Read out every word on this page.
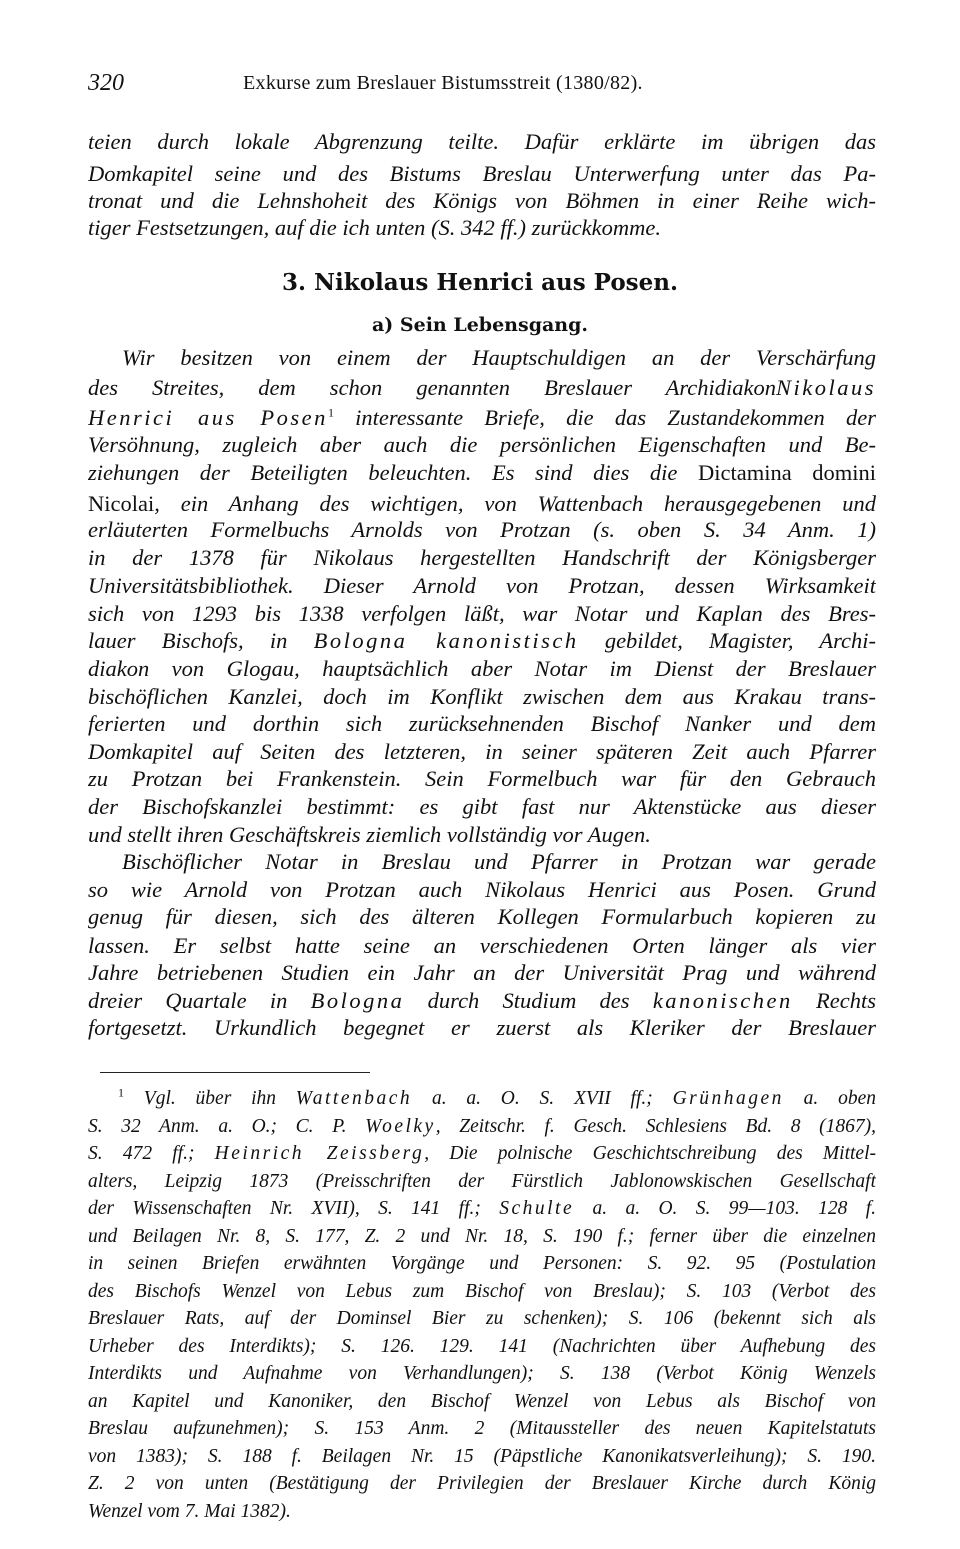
320	Exkurse zum Breslauer Bistumsstreit (1380/82).

teien durch lokale Abgrenzung teilte. Dafür erklärte im übrigen das

Domkapitel seine und des Bistums Breslau Unterwerfung unter das Pa-

tronat und die Lehnshoheit des Königs von Böhmen in einer Reihe wich-

tiger Festsetzungen, auf die ich unten (S. 342 ff.) zurückkomme.

3. Nikolaus Henrici aus Posen.
a) Sein Lebensgang.

Wir besitzen von einem der Hauptschuldigen an der Verschärfung

des Streites, dem schon genannten Breslauer ArchidiakonNikolaus

Henrici aus Posen$^1$ interessante Briefe, die das Zustandekommen der

Versöhnung, zugleich aber auch die persönlichen Eigenschaften und Be-

ziehungen der Beteiligten beleuchten. Es sind dies die Dictamina domini

Nicolai, ein Anhang des wichtigen, von Wattenbach herausgegebenen und

erläuterten Formelbuchs Arnolds von Protzan (s. oben S. 34 Anm. 1)

in der 1378 für Nikolaus hergestellten Handschrift der Königsberger

Universitätsbibliothek. Dieser Arnold von Protzan, dessen Wirksamkeit

sich von 1293 bis 1338 verfolgen läßt, war Notar und Kaplan des Bres-

lauer Bischofs, in Bologna kanonistisch gebildet, Magister, Archi-

diakon von Glogau, hauptsächlich aber Notar im Dienst der Breslauer

bischöflichen Kanzlei, doch im Konflikt zwischen dem aus Krakau trans-

ferierten und dorthin sich zurücksehnenden Bischof Nanker und dem

Domkapitel auf Seiten des letzteren, in seiner späteren Zeit auch Pfarrer

zu Protzan bei Frankenstein. Sein Formelbuch war für den Gebrauch

der Bischofskanzlei bestimmt: es gibt fast nur Aktenstücke aus dieser

und stellt ihren Geschäftskreis ziemlich vollständig vor Augen.

Bischöflicher Notar in Breslau und Pfarrer in Protzan war gerade

so wie Arnold von Protzan auch Nikolaus Henrici aus Posen. Grund

genug für diesen, sich des älteren Kollegen Formularbuch kopieren zu

lassen. Er selbst hatte seine an verschiedenen Orten länger als vier

Jahre betriebenen Studien ein Jahr an der Universität Prag und während

dreier Quartale in Bologna durch Studium des kanonischen Rechts

fortgesetzt. Urkundlich begegnet er zuerst als Kleriker der Breslauer

$^1$ Vgl. über ihn Wattenbach a. a. O. S. XVII ff.; Grünhagen a. oben

S. 32 Anm. a. O.; C. P. Woelky, Zeitschr. f. Gesch. Schlesiens Bd. 8 (1867),

S. 472 ff.; Heinrich Zeissberg, Die polnische Geschichtschreibung des Mittel-

alters, Leipzig 1873 (Preisschriften der Fürstlich Jablonowskischen Gesellschaft

der Wissenschaften Nr. XVII), S. 141 ff.; Schulte a. a. O. S. 99—103. 128 f.

und Beilagen Nr. 8, S. 177, Z. 2 und Nr. 18, S. 190 f.; ferner über die einzelnen

in seinen Briefen erwähnten Vorgänge und Personen: S. 92. 95 (Postulation

des Bischofs Wenzel von Lebus zum Bischof von Breslau); S. 103 (Verbot des

Breslauer Rats, auf der Dominsel Bier zu schenken); S. 106 (bekennt sich als

Urheber des Interdikts); S. 126. 129. 141 (Nachrichten über Aufhebung des

Interdikts und Aufnahme von Verhandlungen); S. 138 (Verbot König Wenzels

an Kapitel und Kanoniker, den Bischof Wenzel von Lebus als Bischof von

Breslau aufzunehmen); S. 153 Anm. 2 (Mitaussteller des neuen Kapitelstatuts

von 1383); S. 188 f. Beilagen Nr. 15 (Päpstliche Kanonikatsverleihung); S. 190.

Z. 2 von unten (Bestätigung der Privilegien der Breslauer Kirche durch König

Wenzel vom 7. Mai 1382).
